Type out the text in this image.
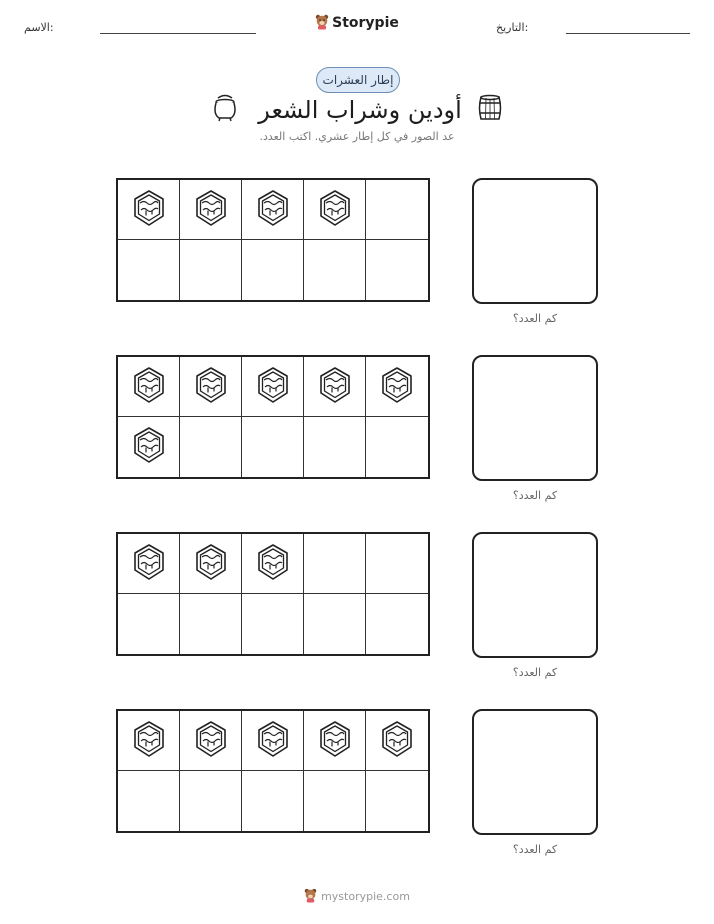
الاسم:	التاريخ:
Storypie
إطار العشرات
أودين وشراب الشعر
عد الصور في كل إطار عشري. اكتب العدد.
كم العدد؟
كم العدد؟
كم العدد؟
كم العدد؟
mystorypie.com
